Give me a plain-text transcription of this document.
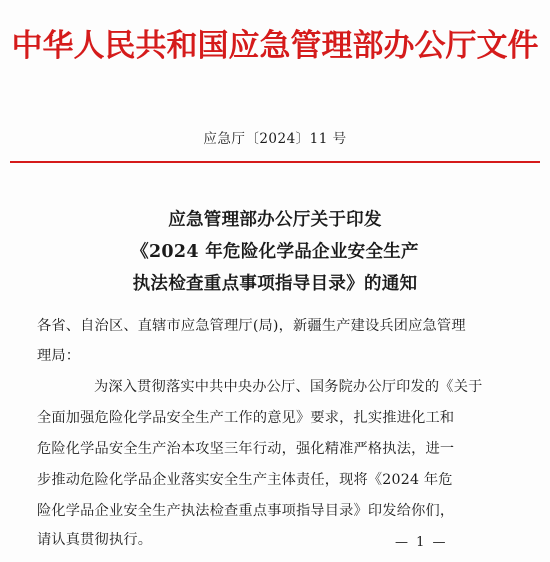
中华人民共和国应急管理部办公厅文件
应急厅〔2024〕11 号
应急管理部办公厅关于印发
《2024 年危险化学品企业安全生产
执法检查重点事项指导目录》的通知
各省、自治区、直辖市应急管理厅(局)，新疆生产建设兵团应急管理
理局：
为深入贯彻落实中共中央办公厅、国务院办公厅印发的《关于
全面加强危险化学品安全生产工作的意见》要求，扎实推进化工和
危险化学品安全生产治本攻坚三年行动，强化精准严格执法，进一
步推动危险化学品企业落实安全生产主体责任，现将《2024 年危
险化学品企业安全生产执法检查重点事项指导目录》印发给你们，
请认真贯彻执行。	— 1 —
